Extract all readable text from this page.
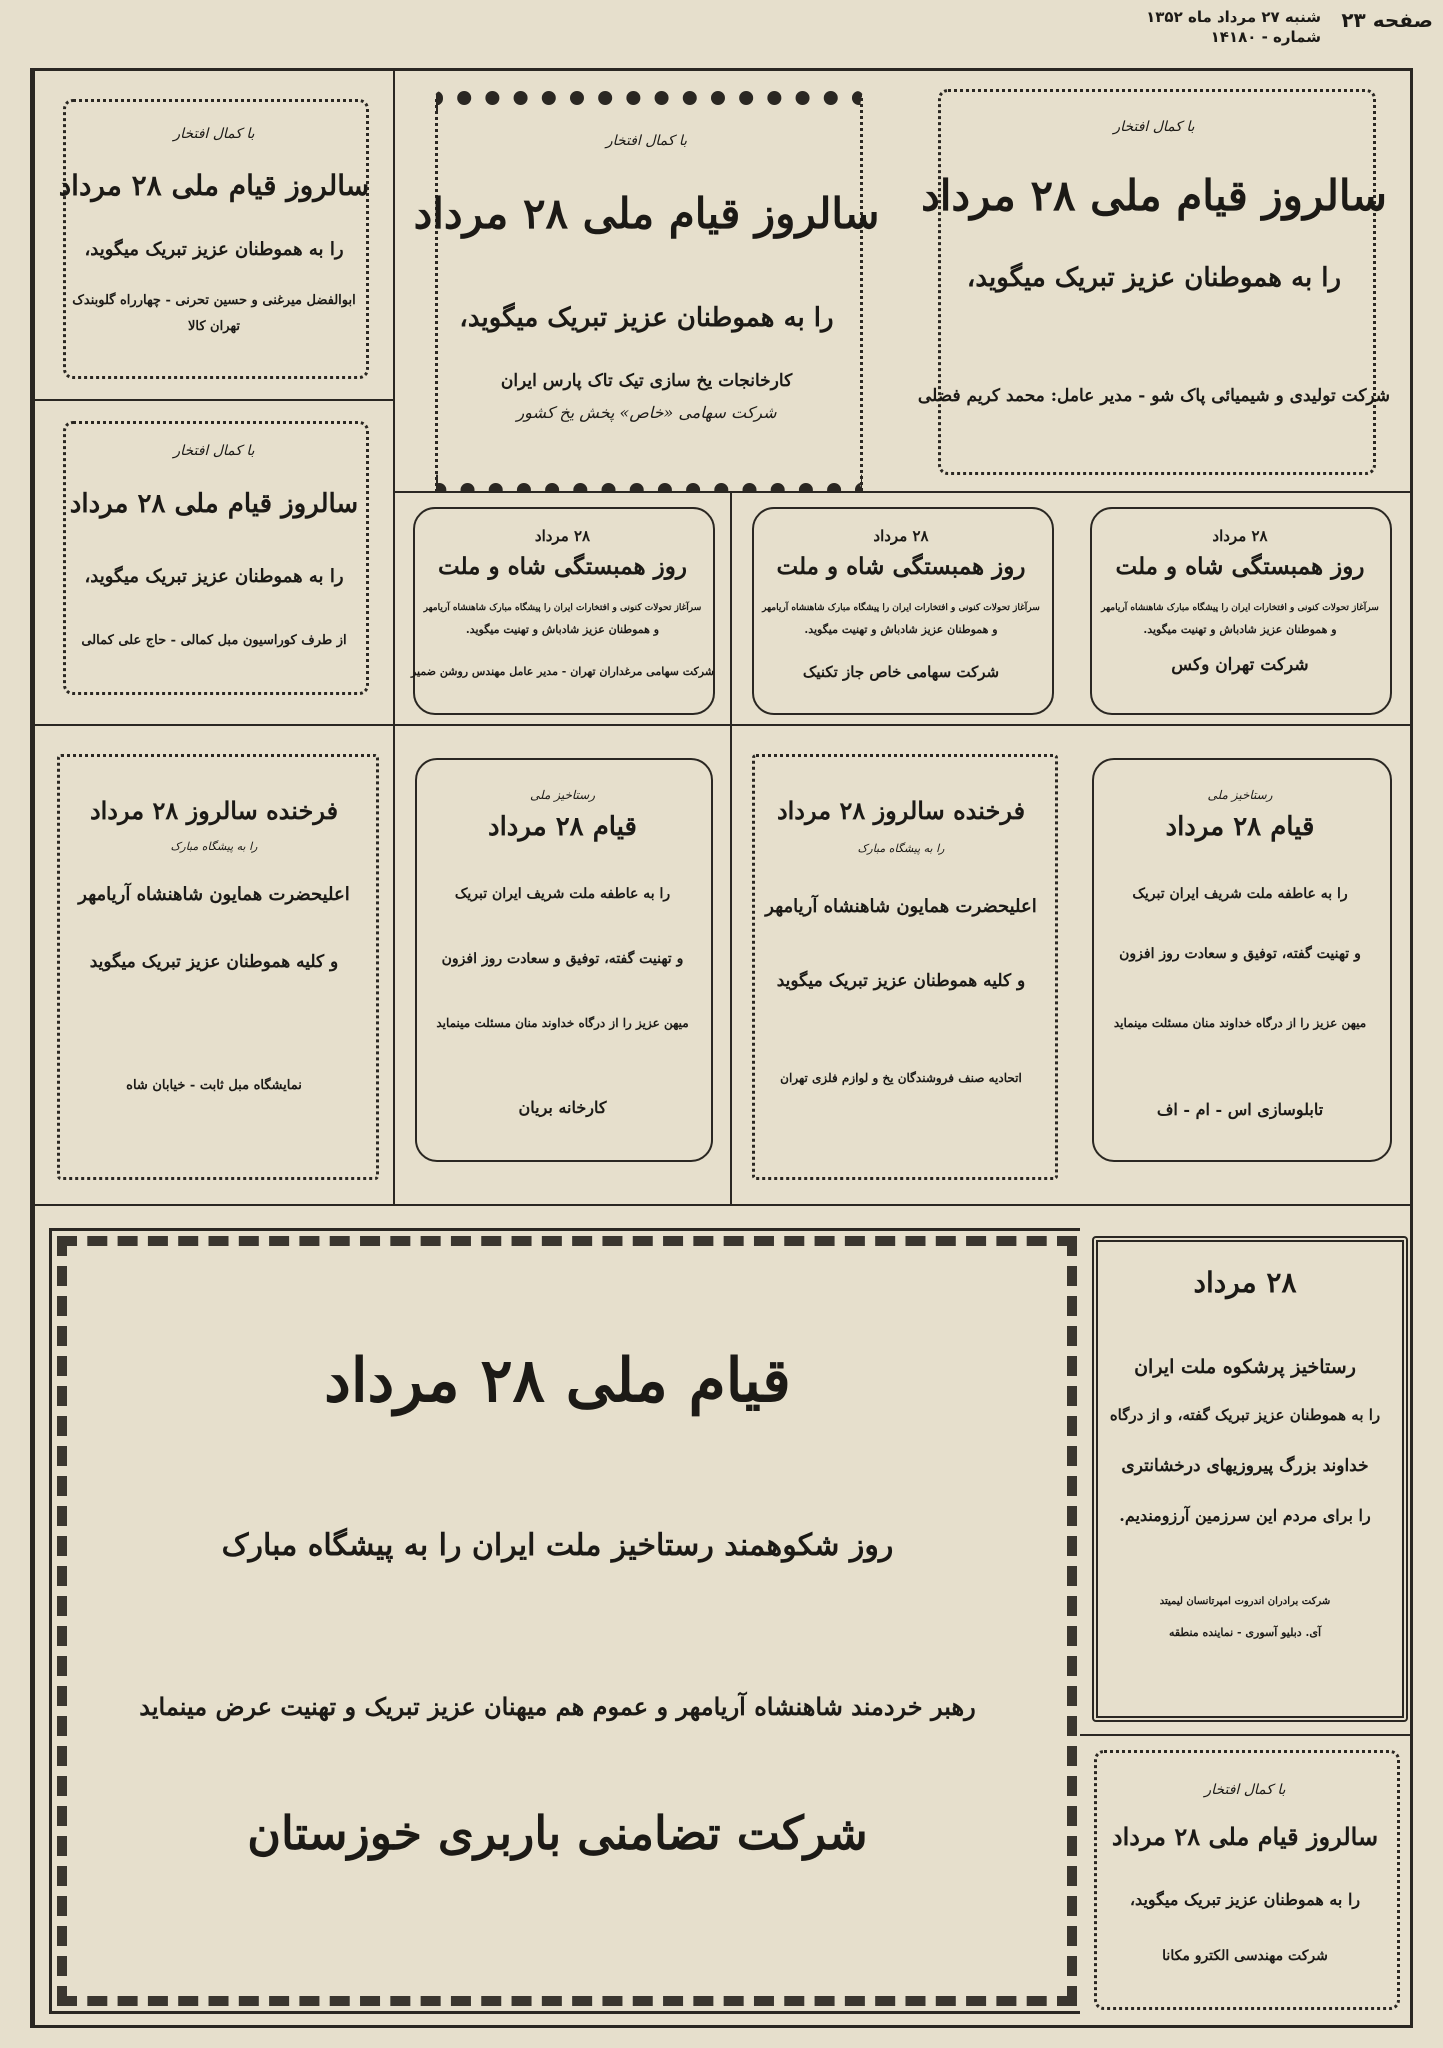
صفحه ۲۳
شنبه ۲۷ مرداد ماه ۱۳۵۲
شماره - ۱۴۱۸۰
با کمال افتخار
سالروز قیام ملی ۲۸ مرداد
را به هموطنان عزیز تبریک میگوید،
شرکت تولیدی و شیمیائی پاک شو - مدیر عامل: محمد کریم فضلی
با کمال افتخار
سالروز قیام ملی ۲۸ مرداد
را به هموطنان عزیز تبریک میگوید،
کارخانجات یخ سازی تیک تاک پارس ایران
شرکت سهامی «خاص» پخش یخ کشور
با کمال افتخار
سالروز قیام ملی ۲۸ مرداد
را به هموطنان عزیز تبریک میگوید،
ابوالفضل میرغنی و حسین تحرنی - چهارراه گلوبندک
تهران کالا
با کمال افتخار
سالروز قیام ملی ۲۸ مرداد
را به هموطنان عزیز تبریک میگوید،
از طرف کوراسیون مبل کمالی - حاج علی کمالی
۲۸ مرداد
روز همبستگی شاه و ملت
سرآغاز تحولات کنونی و افتخارات ایران را پیشگاه مبارک شاهنشاه آریامهر
و هموطنان عزیز شادباش و تهنیت میگوید.
شرکت تهران وکس
۲۸ مرداد
روز همبستگی شاه و ملت
سرآغاز تحولات کنونی و افتخارات ایران را پیشگاه مبارک شاهنشاه آریامهر
و هموطنان عزیز شادباش و تهنیت میگوید.
شرکت سهامی خاص جاز تکنیک
۲۸ مرداد
روز همبستگی شاه و ملت
سرآغاز تحولات کنونی و افتخارات ایران را پیشگاه مبارک شاهنشاه آریامهر
و هموطنان عزیز شادباش و تهنیت میگوید.
شرکت سهامی مرغداران تهران - مدیر عامل مهندس روشن ضمیر
رستاخیز ملی
قیام ۲۸ مرداد
را به عاطفه ملت شریف ایران تبریک
و تهنیت گفته، توفیق و سعادت روز افزون
میهن عزیز را از درگاه خداوند منان مسئلت مینماید
تابلوسازی اس - ام - اف
فرخنده سالروز ۲۸ مرداد
را به پیشگاه مبارک
اعلیحضرت همایون شاهنشاه آریامهر
و کلیه هموطنان عزیز تبریک میگوید
اتحادیه صنف فروشندگان یخ و لوازم فلزی تهران
رستاخیز ملی
قیام ۲۸ مرداد
را به عاطفه ملت شریف ایران تبریک
و تهنیت گفته، توفیق و سعادت روز افزون
میهن عزیز را از درگاه خداوند منان مسئلت مینماید
کارخانه بریان
فرخنده سالروز ۲۸ مرداد
را به پیشگاه مبارک
اعلیحضرت همایون شاهنشاه آریامهر
و کلیه هموطنان عزیز تبریک میگوید
نمایشگاه مبل ثابت - خیابان شاه
قیام ملی ۲۸ مرداد
روز شکوهمند رستاخیز ملت ایران را به پیشگاه مبارک
رهبر خردمند شاهنشاه آریامهر و عموم هم میهنان عزیز تبریک و تهنیت عرض مینماید
شرکت تضامنی باربری خوزستان
۲۸ مرداد
رستاخیز پرشکوه ملت ایران
را به هموطنان عزیز تبریک گفته، و از درگاه
خداوند بزرگ پیروزیهای درخشانتری
را برای مردم این سرزمین آرزومندیم.
شرکت برادران اندروت امپرتانسان لیمیتد
آی. دبلیو آسوری - نماینده منطقه
با کمال افتخار
سالروز قیام ملی ۲۸ مرداد
را به هموطنان عزیز تبریک میگوید،
شرکت مهندسی الکترو مکانا
